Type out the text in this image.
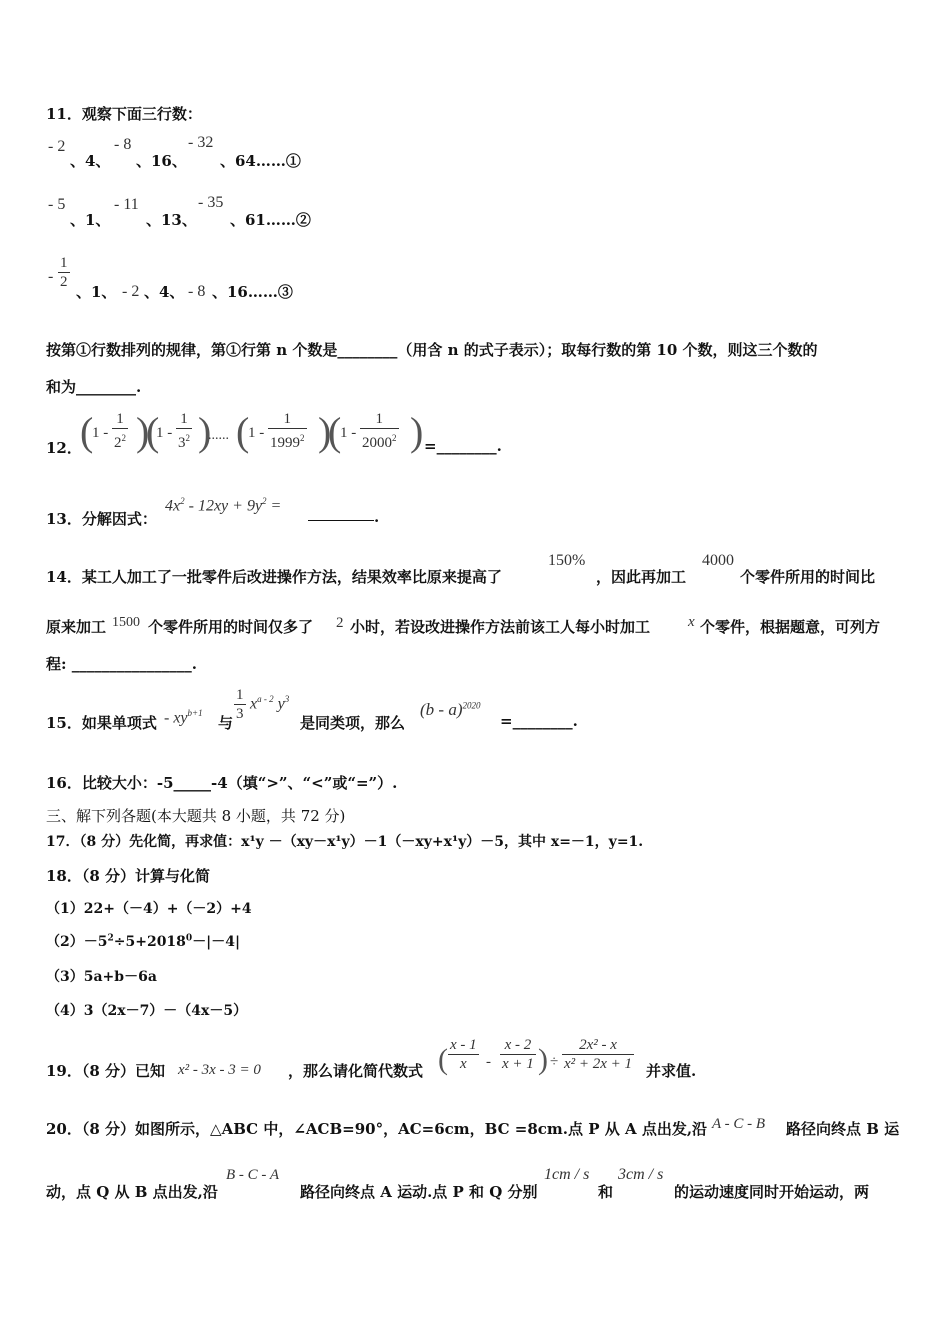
11．观察下面三行数：
- 2
、4、
- 8
、16、
- 32
、64……①
- 5
、1、
- 11
、13、
- 35
、61……②
- $\frac{1}{2}$
、1、 - 2 、4、 - 8 、16……③
按第①行数排列的规律，第①行第 n 个数是________（用含 n 的式子表示）；取每行数的第 10 个数，则这三个数的
和为________.
12．
(
$1 - \frac{1}{2^2}$ )
(
$1 - \frac{1}{3^2}$ )
...... (
$1 - \frac{1}{1999^2}$ )
(
$1 - \frac{1}{2000^2}$ ) =________.
13．分解因式：
$4x^2 - 12xy + 9y^2$ =
.
14．某工人加工了一批零件后改进操作方法，结果效率比原来提高了
150%
，因此再加工
4000
个零件所用的时间比
原来加工 1500 个零件所用的时间仅多了 2 小时，若设改进操作方法前该工人每小时加工	x 个零件，根据题意，可列方
程: ________________.
15．如果单项式 - $xy^{b+1}$
与 $\frac{1}{3} x^{a - 2}$ $y^3$
是同类项，那么
(b - a)$^{2020}$
=________.
16．比较大小：-5_____-4（填“>”、“<”或“=”）.
三、解下列各题(本大题共 8 小题，共 72 分)
17．（8 分）先化简，再求值：x¹y －（xy－x¹y）－1（－xy+x¹y）－5，其中 x=－1，y=1.
18．（8 分）计算与化简
（1）22+（－4）+（－2）+4
$(2)-5^2\div 5+2018^0-|-4|$
（3）5a+b－6a
（4）3（2x－7）－（4x－5）
19．（8 分）已知 x² - 3x - 3 = 0 ，那么请化简代数式 ( $\frac{x - 1}{x} - \frac{x - 2}{x + 1}$ ) ÷ $\frac{\text{2x² - x}}{\text{x² + 2x + 1}}$ 并求值.
20．（8 分）如图所示，△ABC 中，∠ACB=90°，AC=6cm，BC =8cm.点 P 从 A 点出发,沿 A - C - B 路径向终点 B 运
动，点 Q 从 B 点出发,沿
B - C - A
路径向终点 A 运动.点 P 和 Q 分别
1cm / s
和
3cm / s
的运动速度同时开始运动，两
